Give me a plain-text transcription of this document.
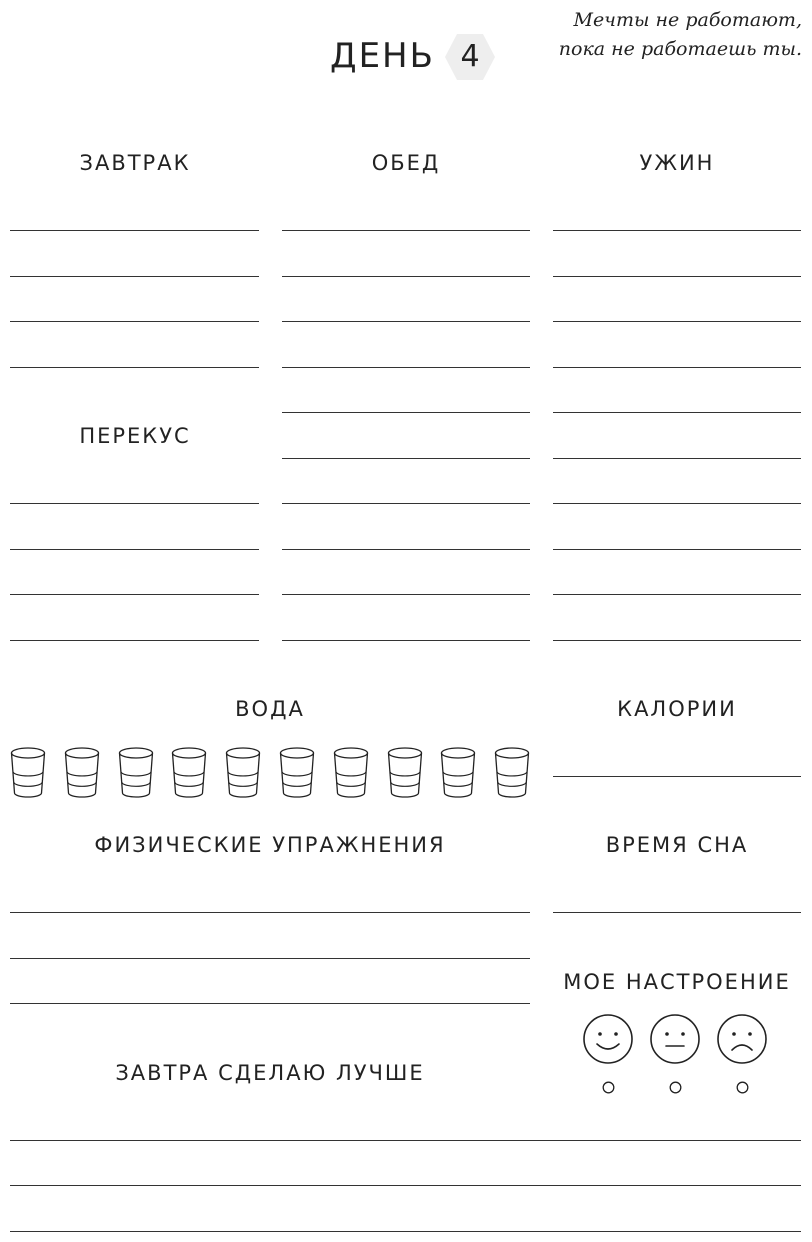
ДЕНЬ 4
Мечты не работают,
пока не работаешь ты.
ЗАВТРАК	ОБЕД	УЖИН
ПЕРЕКУС
ВОДА	КАЛОРИИ
ФИЗИЧЕСКИЕ УПРАЖНЕНИЯ	ВРЕМЯ СНА
МОЕ НАСТРОЕНИЕ
ЗАВТРА СДЕЛАЮ ЛУЧШЕ
